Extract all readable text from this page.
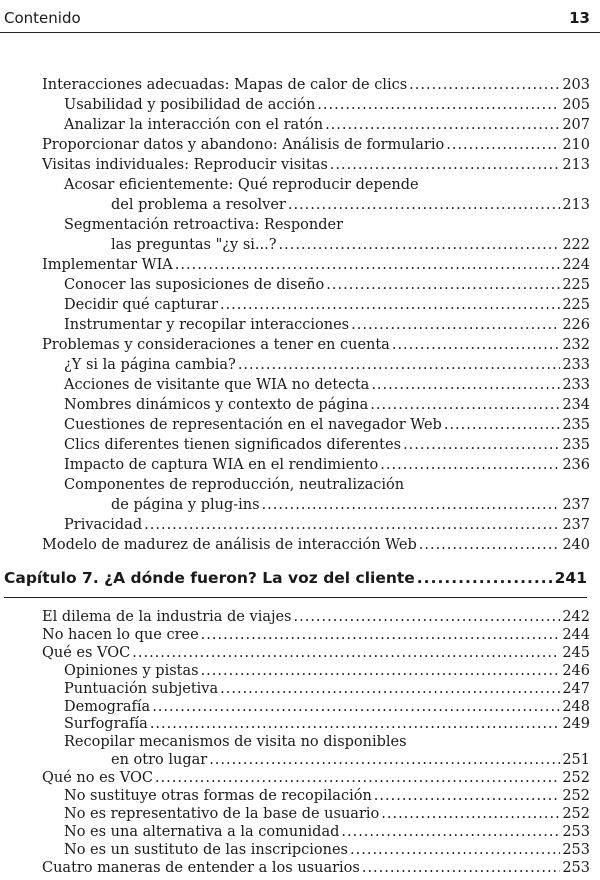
Contenido	13
Interacciones adecuadas: Mapas de calor de clics .....	203
Usabilidad y posibilidad de acción .....	205
Analizar la interacción con el ratón .....	207
Proporcionar datos y abandono: Análisis de formulario .....	210
Visitas individuales: Reproducir visitas .....	213
Acosar eficientemente: Qué reproducir depende
del problema a resolver .....	213
Segmentación retroactiva: Responder
las preguntas "¿y si...? .....	222
Implementar WIA .....	224
Conocer las suposiciones de diseño .....	225
Decidir qué capturar .....	225
Instrumentar y recopilar interacciones .....	226
Problemas y consideraciones a tener en cuenta .....	232
¿Y si la página cambia? .....	233
Acciones de visitante que WIA no detecta .....	233
Nombres dinámicos y contexto de página .....	234
Cuestiones de representación en el navegador Web .....	235
Clics diferentes tienen significados diferentes .....	235
Impacto de captura WIA en el rendimiento .....	236
Componentes de reproducción, neutralización
de página y plug-ins .....	237
Privacidad .....	237
Modelo de madurez de análisis de interacción Web .....	240
Capítulo 7. ¿A dónde fueron? La voz del cliente .....	241
El dilema de la industria de viajes .....	242
No hacen lo que cree .....	244
Qué es VOC .....	245
Opiniones y pistas .....	246
Puntuación subjetiva .....	247
Demografía .....	248
Surfografía .....	249
Recopilar mecanismos de visita no disponibles
en otro lugar .....	251
Qué no es VOC .....	252
No sustituye otras formas de recopilación .....	252
No es representativo de la base de usuario .....	252
No es una alternativa a la comunidad .....	253
No es un sustituto de las inscripciones .....	253
Cuatro maneras de entender a los usuarios .....	253
